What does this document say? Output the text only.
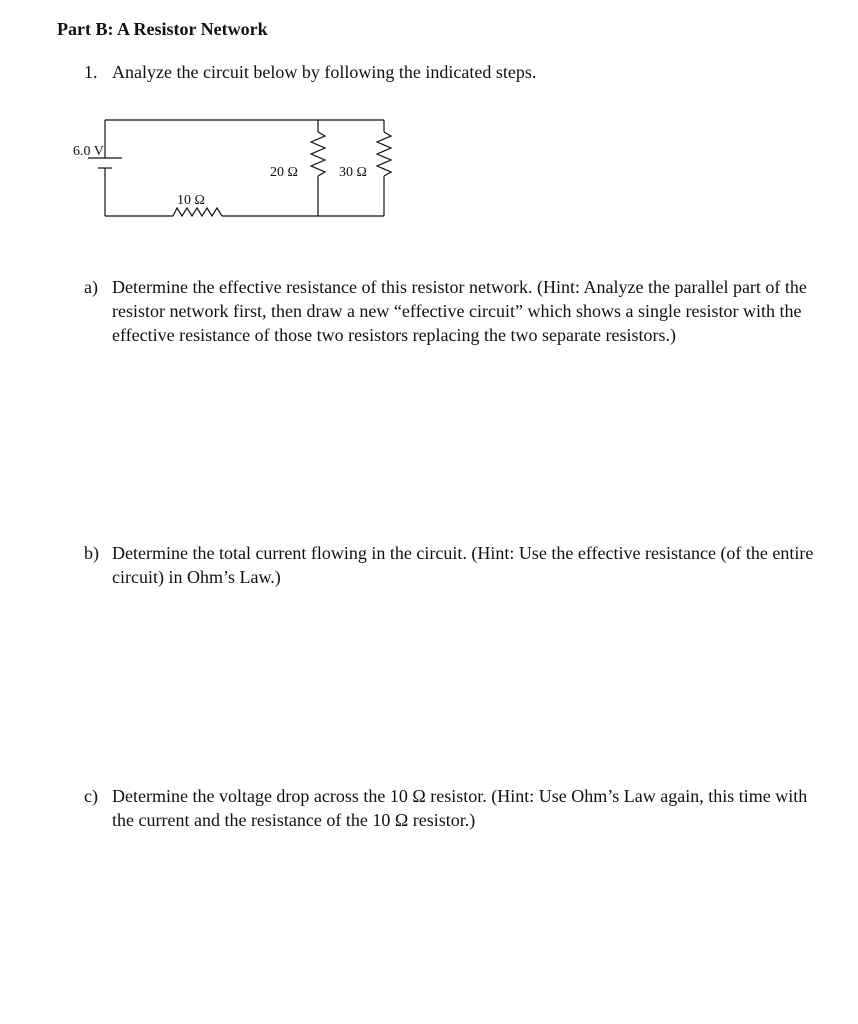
Part B: A Resistor Network
1. Analyze the circuit below by following the indicated steps.
6.0 V
10 Ω
20 Ω	30 Ω
a) Determine the effective resistance of this resistor network. (Hint: Analyze the parallel part of the resistor network first, then draw a new “effective circuit” which shows a single resistor with the effective resistance of those two resistors replacing the two separate resistors.)
b) Determine the total current flowing in the circuit. (Hint: Use the effective resistance (of the entire circuit) in Ohm’s Law.)
c) Determine the voltage drop across the 10 Ω resistor. (Hint: Use Ohm’s Law again, this time with the current and the resistance of the 10 Ω resistor.)
